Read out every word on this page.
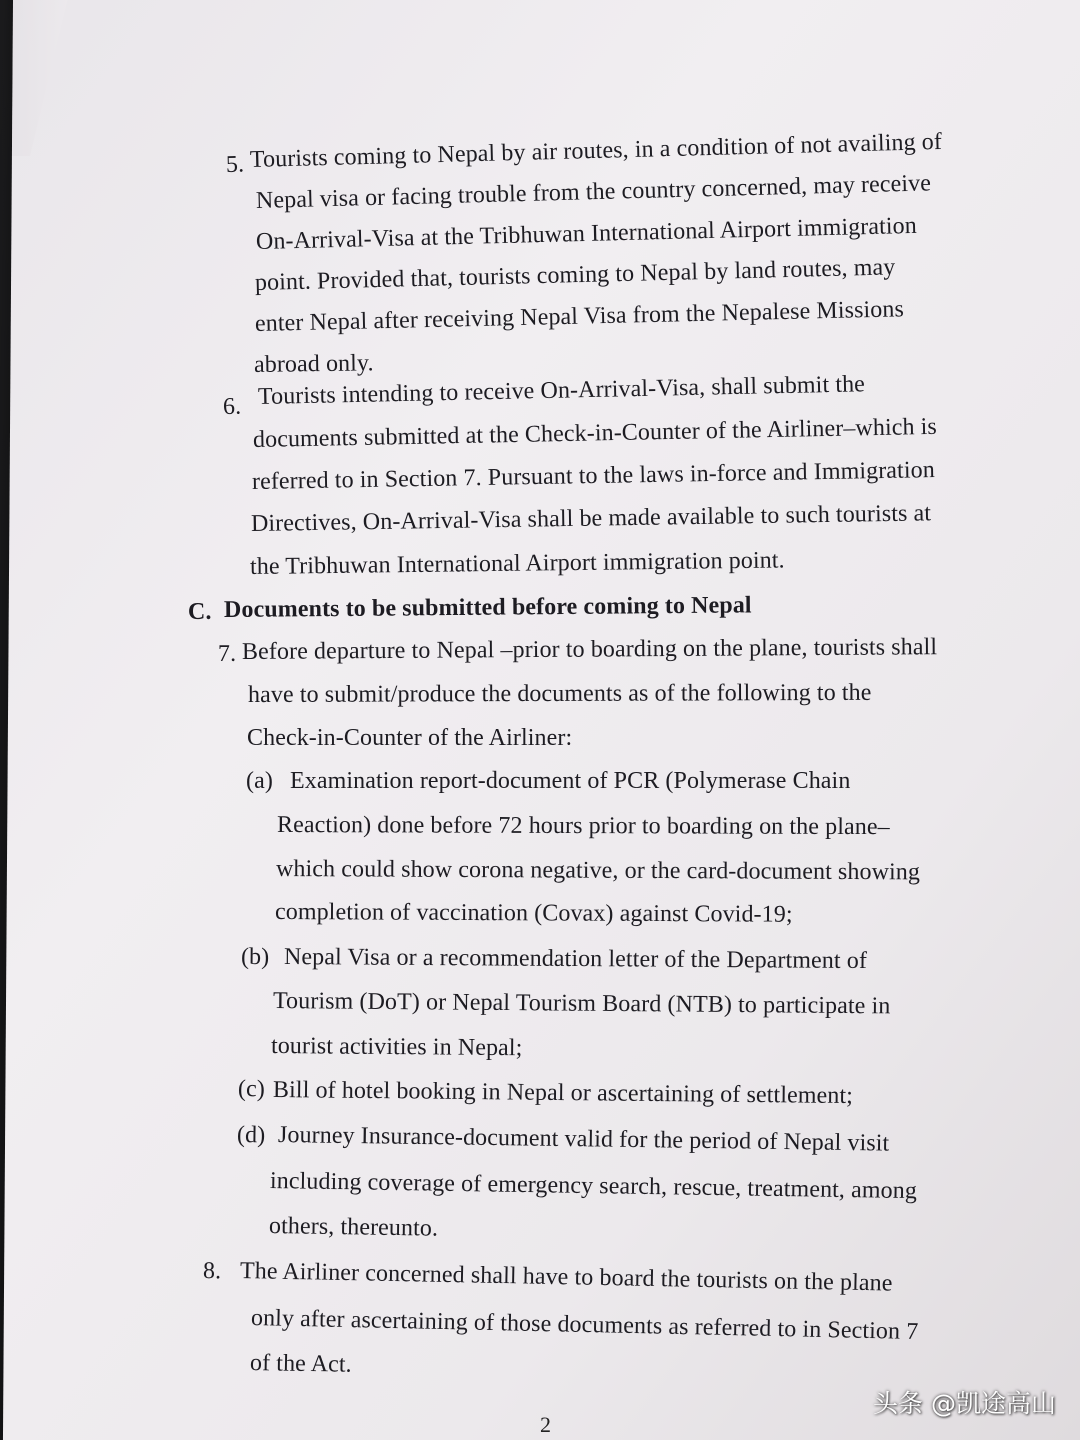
5. Tourists coming to Nepal by air routes, in a condition of not availing of
Nepal visa or facing trouble from the country concerned, may receive
On-Arrival-Visa at the Tribhuwan International Airport immigration
point. Provided that, tourists coming to Nepal by land routes, may
enter Nepal after receiving Nepal Visa from the Nepalese Missions
abroad only.
6. Tourists intending to receive On-Arrival-Visa, shall submit the
documents submitted at the Check-in-Counter of the Airliner–which is
referred to in Section 7. Pursuant to the laws in-force and Immigration
Directives, On-Arrival-Visa shall be made available to such tourists at
the Tribhuwan International Airport immigration point.
C. Documents to be submitted before coming to Nepal
7. Before departure to Nepal –prior to boarding on the plane, tourists shall
have to submit/produce the documents as of the following to the
Check-in-Counter of the Airliner:
(a) Examination report-document of PCR (Polymerase Chain
Reaction) done before 72 hours prior to boarding on the plane–
which could show corona negative, or the card-document showing
completion of vaccination (Covax) against Covid-19;
(b) Nepal Visa or a recommendation letter of the Department of
Tourism (DoT) or Nepal Tourism Board (NTB) to participate in
tourist activities in Nepal;
(c) Bill of hotel booking in Nepal or ascertaining of settlement;
(d) Journey Insurance-document valid for the period of Nepal visit
including coverage of emergency search, rescue, treatment, among
others, thereunto.
8. The Airliner concerned shall have to board the tourists on the plane
only after ascertaining of those documents as referred to in Section 7
of the Act.
2
头条 @凯途高山
